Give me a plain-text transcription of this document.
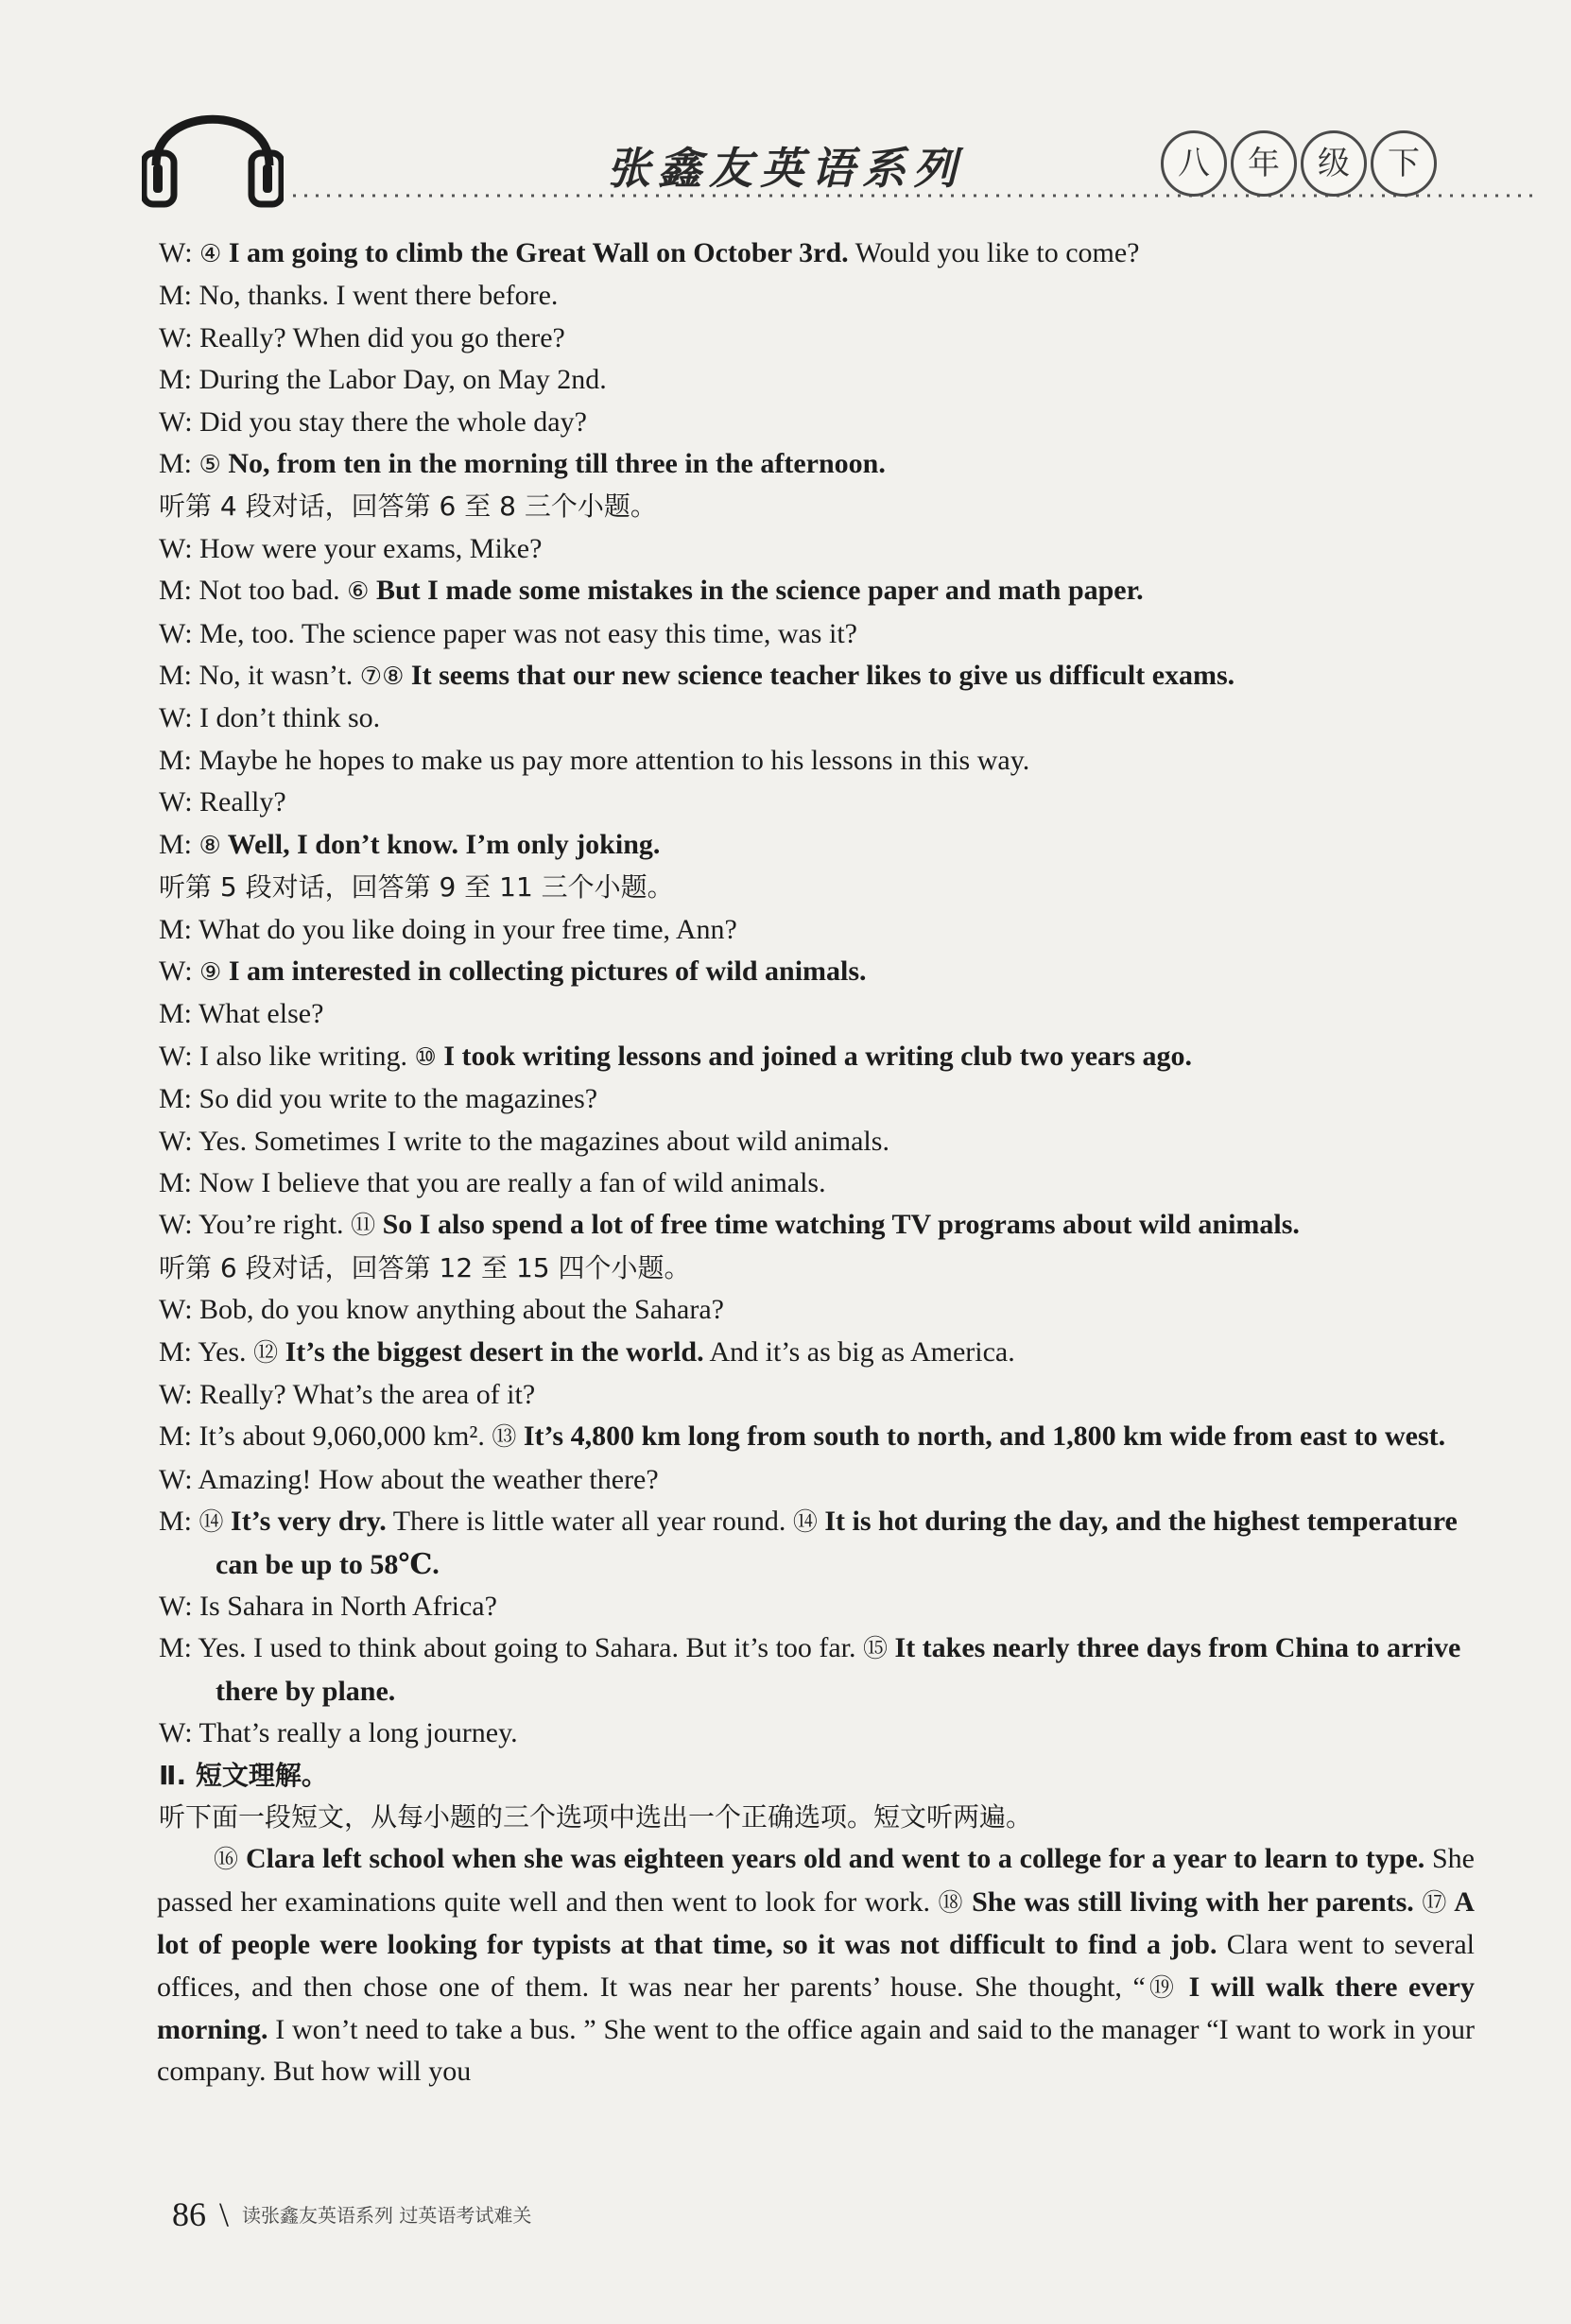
张鑫友英语系列	八 年 级 下
W: ④ I am going to climb the Great Wall on October 3rd. Would you like to come?
M: No, thanks. I went there before.
W: Really? When did you go there?
M: During the Labor Day, on May 2nd.
W: Did you stay there the whole day?
M: ⑤ No, from ten in the morning till three in the afternoon.
听第 4 段对话，回答第 6 至 8 三个小题。
W: How were your exams, Mike?
M: Not too bad. ⑥ But I made some mistakes in the science paper and math paper.
W: Me, too. The science paper was not easy this time, was it?
M: No, it wasn’t. ⑦⑧ It seems that our new science teacher likes to give us difficult exams.
W: I don’t think so.
M: Maybe he hopes to make us pay more attention to his lessons in this way.
W: Really?
M: ⑧ Well, I don’t know. I’m only joking.
听第 5 段对话，回答第 9 至 11 三个小题。
M: What do you like doing in your free time, Ann?
W: ⑨ I am interested in collecting pictures of wild animals.
M: What else?
W: I also like writing. ⑩ I took writing lessons and joined a writing club two years ago.
M: So did you write to the magazines?
W: Yes. Sometimes I write to the magazines about wild animals.
M: Now I believe that you are really a fan of wild animals.
W: You’re right. ⑪ So I also spend a lot of free time watching TV programs about wild animals.
听第 6 段对话，回答第 12 至 15 四个小题。
W: Bob, do you know anything about the Sahara?
M: Yes. ⑫ It’s the biggest desert in the world. And it’s as big as America.
W: Really? What’s the area of it?
M: It’s about 9,060,000 km². ⑬ It’s 4,800 km long from south to north, and 1,800 km wide from east to west.
W: Amazing! How about the weather there?
M: ⑭ It’s very dry. There is little water all year round. ⑭ It is hot during the day, and the highest temperature can be up to 58℃.
W: Is Sahara in North Africa?
M: Yes. I used to think about going to Sahara. But it’s too far. ⑮ It takes nearly three days from China to arrive there by plane.
W: That’s really a long journey.
Ⅱ. 短文理解。
听下面一段短文，从每小题的三个选项中选出一个正确选项。短文听两遍。
⑯ Clara left school when she was eighteen years old and went to a college for a year to learn to type. She passed her examinations quite well and then went to look for work. ⑱ She was still living with her parents. ⑰ A lot of people were looking for typists at that time, so it was not difficult to find a job. Clara went to several offices, and then chose one of them. It was near her parents’ house. She thought, “⑲ I will walk there every morning. I won’t need to take a bus. ” She went to the office again and said to the manager “I want to work in your company. But how will you
86 \ 读张鑫友英语系列 过英语考试难关
